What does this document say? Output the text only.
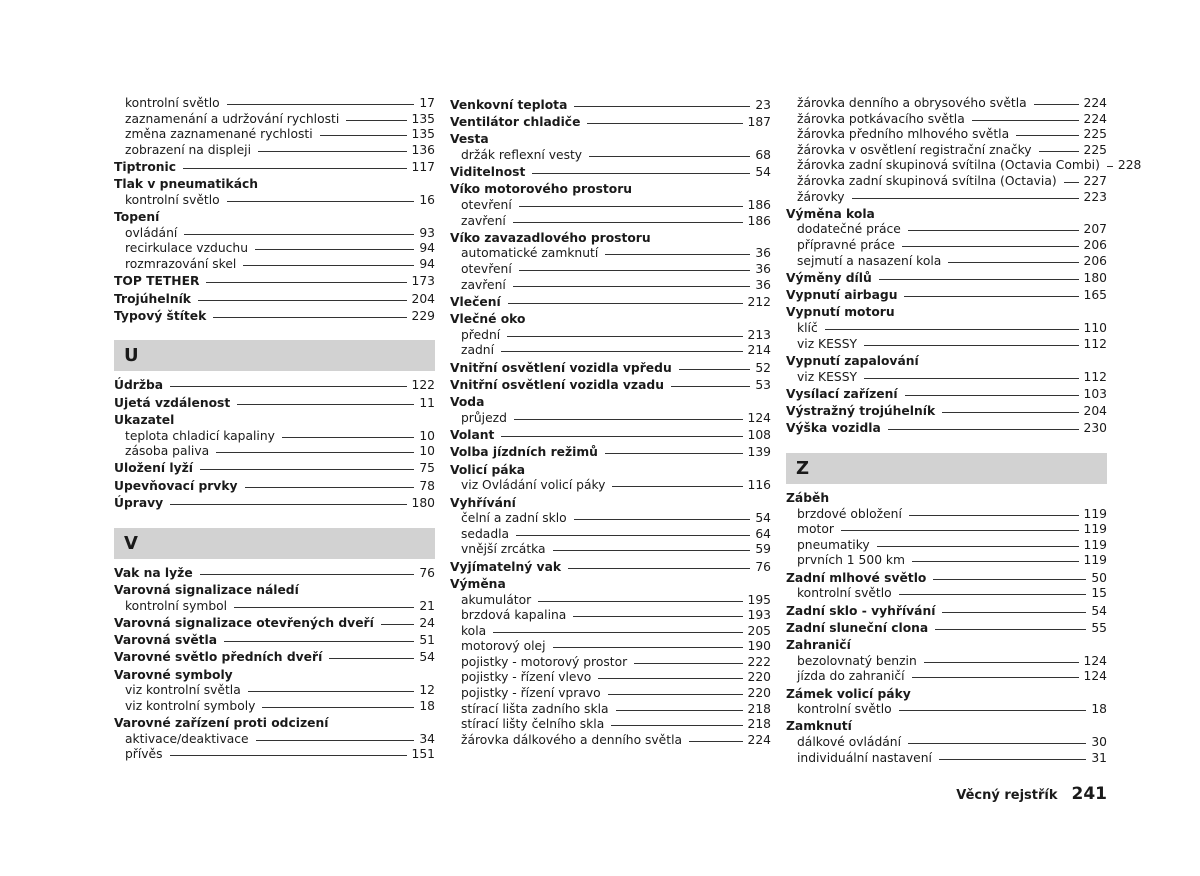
kontrolní světlo	17
zaznamenání a udržování rychlosti	135
změna zaznamenané rychlosti	135
zobrazení na displeji	136
Tiptronic	117
Tlak v pneumatikách
kontrolní světlo	16
Topení
ovládání	93
recirkulace vzduchu	94
rozmrazování skel	94
TOP TETHER	173
Trojúhelník	204
Typový štítek	229
U
Údržba	122
Ujetá vzdálenost	11
Ukazatel
teplota chladicí kapaliny	10
zásoba paliva	10
Uložení lyží	75
Upevňovací prvky	78
Úpravy	180
V
Vak na lyže	76
Varovná signalizace náledí
kontrolní symbol	21
Varovná signalizace otevřených dveří	24
Varovná světla	51
Varovné světlo předních dveří	54
Varovné symboly
viz kontrolní světla	12
viz kontrolní symboly	18
Varovné zařízení proti odcizení
aktivace/deaktivace	34
přívěs	151
Venkovní teplota	23
Ventilátor chladiče	187
Vesta
držák reflexní vesty	68
Viditelnost	54
Víko motorového prostoru
otevření	186
zavření	186
Víko zavazadlového prostoru
automatické zamknutí	36
otevření	36
zavření	36
Vlečení	212
Vlečné oko
přední	213
zadní	214
Vnitřní osvětlení vozidla vpředu	52
Vnitřní osvětlení vozidla vzadu	53
Voda
průjezd	124
Volant	108
Volba jízdních režimů	139
Volicí páka
viz Ovládání volicí páky	116
Vyhřívání
čelní a zadní sklo	54
sedadla	64
vnější zrcátka	59
Vyjímatelný vak	76
Výměna
akumulátor	195
brzdová kapalina	193
kola	205
motorový olej	190
pojistky - motorový prostor	222
pojistky - řízení vlevo	220
pojistky - řízení vpravo	220
stírací lišta zadního skla	218
stírací lišty čelního skla	218
žárovka dálkového a denního světla	224
žárovka denního a obrysového světla	224
žárovka potkávacího světla	224
žárovka předního mlhového světla	225
žárovka v osvětlení registrační značky	225
žárovka zadní skupinová svítilna (Octavia Combi) 228
žárovka zadní skupinová svítilna (Octavia) 227
žárovky	223
Výměna kola
dodatečné práce	207
přípravné práce	206
sejmutí a nasazení kola	206
Výměny dílů	180
Vypnutí airbagu	165
Vypnutí motoru
klíč	110
viz KESSY	112
Vypnutí zapalování
viz KESSY	112
Vysílací zařízení	103
Výstražný trojúhelník	204
Výška vozidla	230
Z
Záběh
brzdové obložení	119
motor	119
pneumatiky	119
prvních 1 500 km	119
Zadní mlhové světlo	50
kontrolní světlo	15
Zadní sklo - vyhřívání	54
Zadní sluneční clona	55
Zahraničí
bezolovnatý benzin	124
jízda do zahraničí	124
Zámek volicí páky
kontrolní světlo	18
Zamknutí
dálkové ovládání	30
individuální nastavení	31
Věcný rejstřík 241
